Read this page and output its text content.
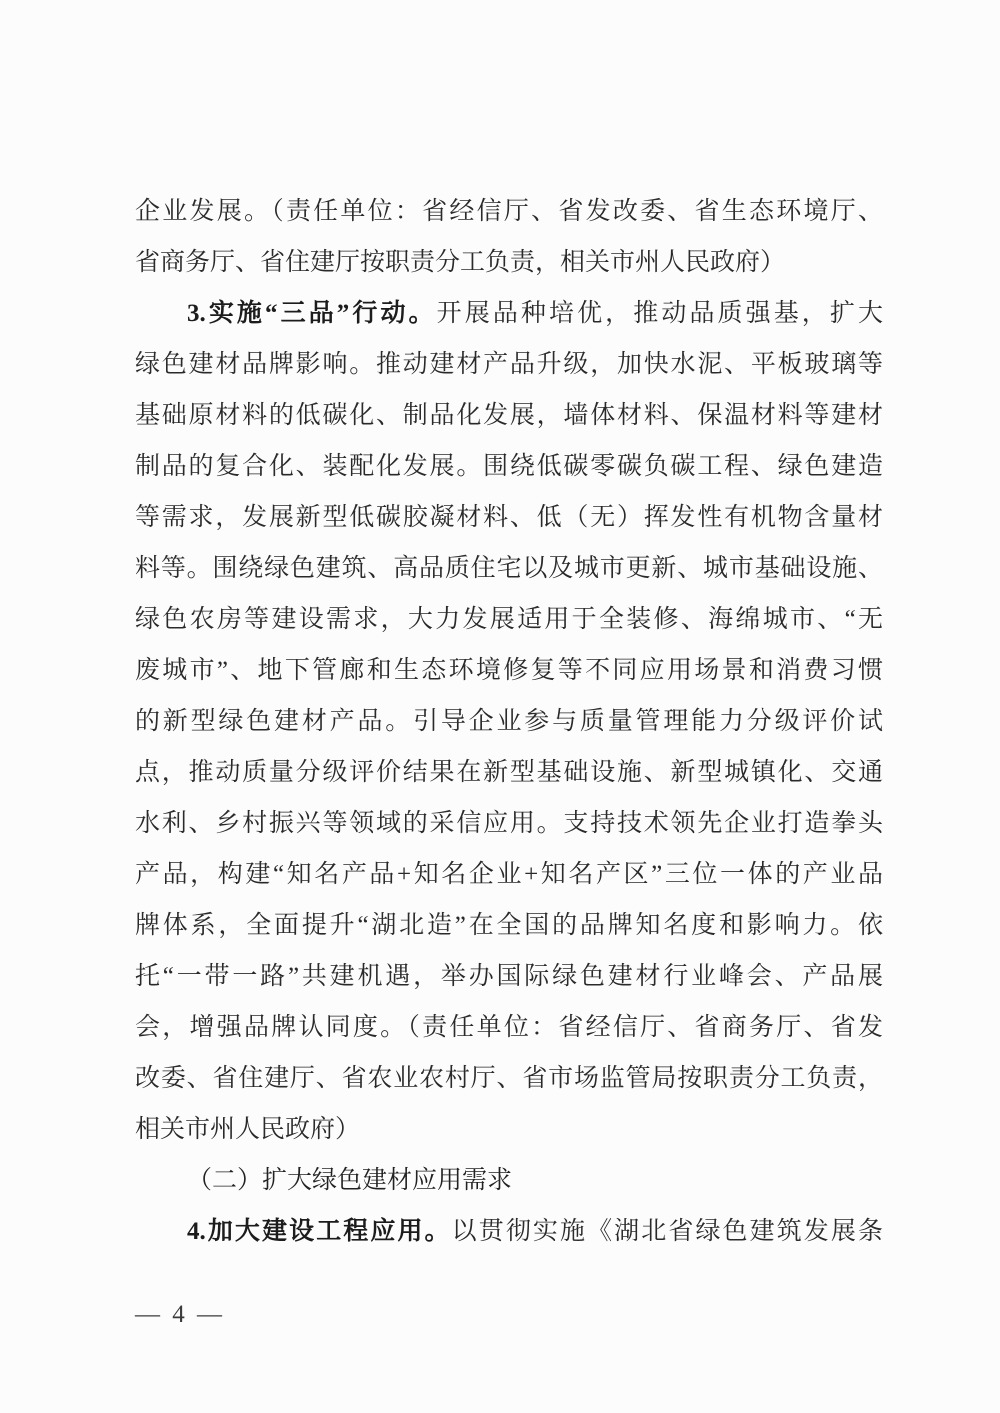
企业发展。（责任单位：省经信厅、省发改委、省生态环境厅、
省商务厅、省住建厅按职责分工负责，相关市州人民政府）
3.实施“三品”行动。开展品种培优，推动品质强基，扩大
绿色建材品牌影响。推动建材产品升级，加快水泥、平板玻璃等
基础原材料的低碳化、制品化发展，墙体材料、保温材料等建材
制品的复合化、装配化发展。围绕低碳零碳负碳工程、绿色建造
等需求，发展新型低碳胶凝材料、低（无）挥发性有机物含量材
料等。围绕绿色建筑、高品质住宅以及城市更新、城市基础设施、
绿色农房等建设需求，大力发展适用于全装修、海绵城市、“无
废城市”、地下管廊和生态环境修复等不同应用场景和消费习惯
的新型绿色建材产品。引导企业参与质量管理能力分级评价试
点，推动质量分级评价结果在新型基础设施、新型城镇化、交通
水利、乡村振兴等领域的采信应用。支持技术领先企业打造拳头
产品，构建“知名产品+知名企业+知名产区”三位一体的产业品
牌体系，全面提升“湖北造”在全国的品牌知名度和影响力。依
托“一带一路”共建机遇，举办国际绿色建材行业峰会、产品展
会，增强品牌认同度。（责任单位：省经信厅、省商务厅、省发
改委、省住建厅、省农业农村厅、省市场监管局按职责分工负责，
相关市州人民政府）
（二）扩大绿色建材应用需求
4.加大建设工程应用。以贯彻实施《湖北省绿色建筑发展条
— 4 —
